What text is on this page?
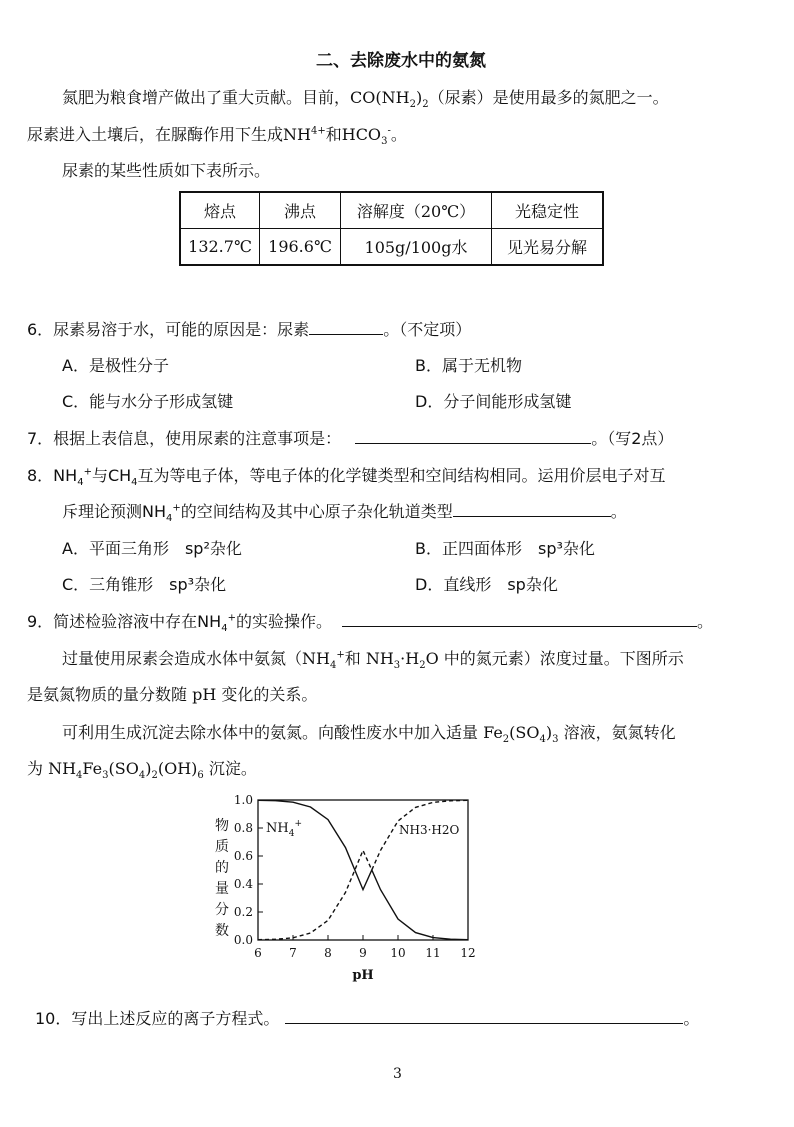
二、去除废水中的氨氮
氮肥为粮食增产做出了重大贡献。目前，$CO(NH_2)_2$（尿素）是使用最多的氮肥之一。
尿素进入土壤后，在脲酶作用下生成$NH^{4+}$和$HCO_3^-$。
尿素的某些性质如下表所示。
熔点	沸点	溶解度（20℃）	光稳定性
132.7℃	196.6℃	105g/100g水	见光易分解
6．尿素易溶于水，可能的原因是：尿素	。（不定项）
A．是极性分子	B．属于无机物
C．能与水分子形成氢键	D．分子间能形成氢键
7．根据上表信息，使用尿素的注意事项是：	。（写2点）
8．$NH_4^+$与$CH_4$互为等电子体，等电子体的化学键类型和空间结构相同。运用价层电子对互
斥理论预测$NH_4^+$的空间结构及其中心原子杂化轨道类型	。
A．平面三角形　sp²杂化	B．正四面体形　sp³杂化
C．三角锥形　sp³杂化	D．直线形　sp杂化
9．简述检验溶液中存在$NH_4^+$的实验操作。	。
过量使用尿素会造成水体中氨氮（$NH_4^+$和 $NH_3\cdot H_2O$ 中的氮元素）浓度过量。下图所示
是氨氮物质的量分数随 pH 变化的关系。
可利用生成沉淀去除水体中的氨氮。向酸性废水中加入适量 $Fe_2(SO_4)_3$ 溶液，氨氮转化
为 $NH_4Fe_3(SO_4)_2(OH)_6$ 沉淀。
物质的量分数
0.0
0.2
0.4
0.6
0.8
1.0
6 7 8 9 10 11 12
pH
$NH_4^+$	NH3·H2O
10．写出上述反应的离子方程式。	。
3
